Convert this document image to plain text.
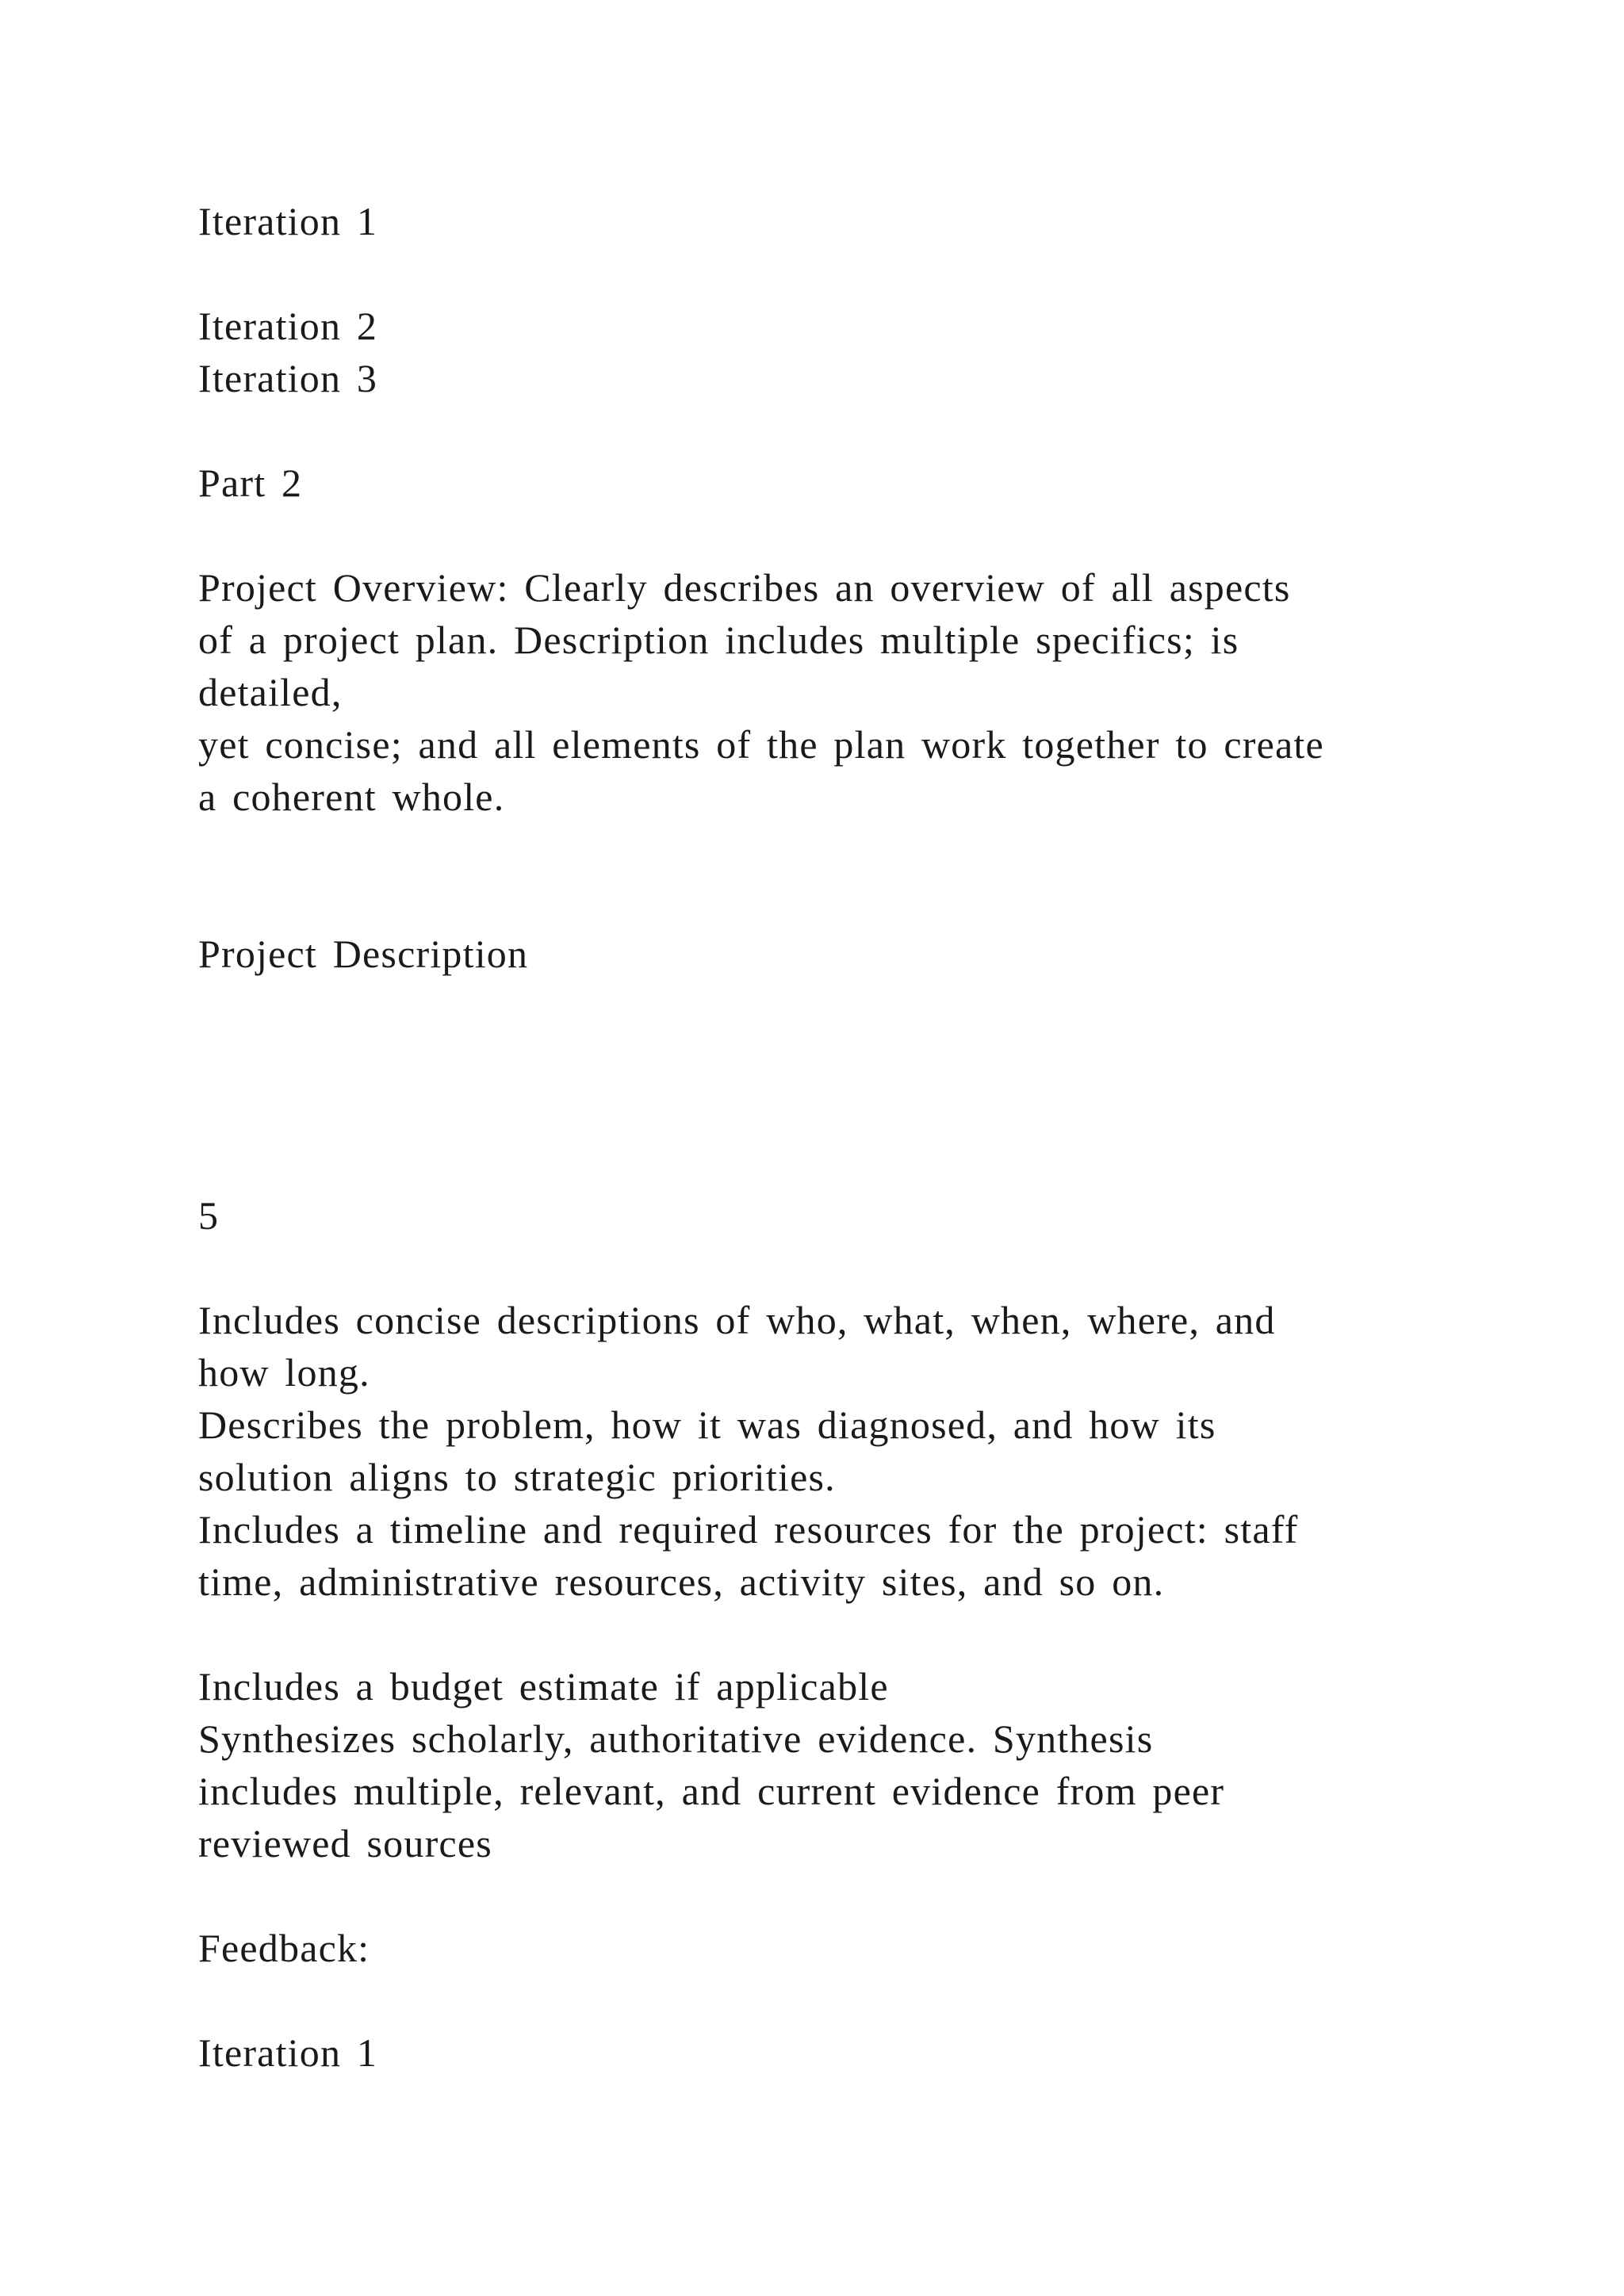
Iteration 1
Iteration 2
Iteration 3
Part 2
Project Overview: Clearly describes an overview of all aspects
of a project plan. Description includes multiple specifics; is
detailed,
yet concise; and all elements of the plan work together to create
a coherent whole.
Project Description
5
Includes concise descriptions of who, what, when, where, and
how long.
Describes the problem, how it was diagnosed, and how its
solution aligns to strategic priorities.
Includes a timeline and required resources for the project: staff
time, administrative resources, activity sites, and so on.
Includes a budget estimate if applicable
Synthesizes scholarly, authoritative evidence. Synthesis
includes multiple, relevant, and current evidence from peer
reviewed sources
Feedback:
Iteration 1
